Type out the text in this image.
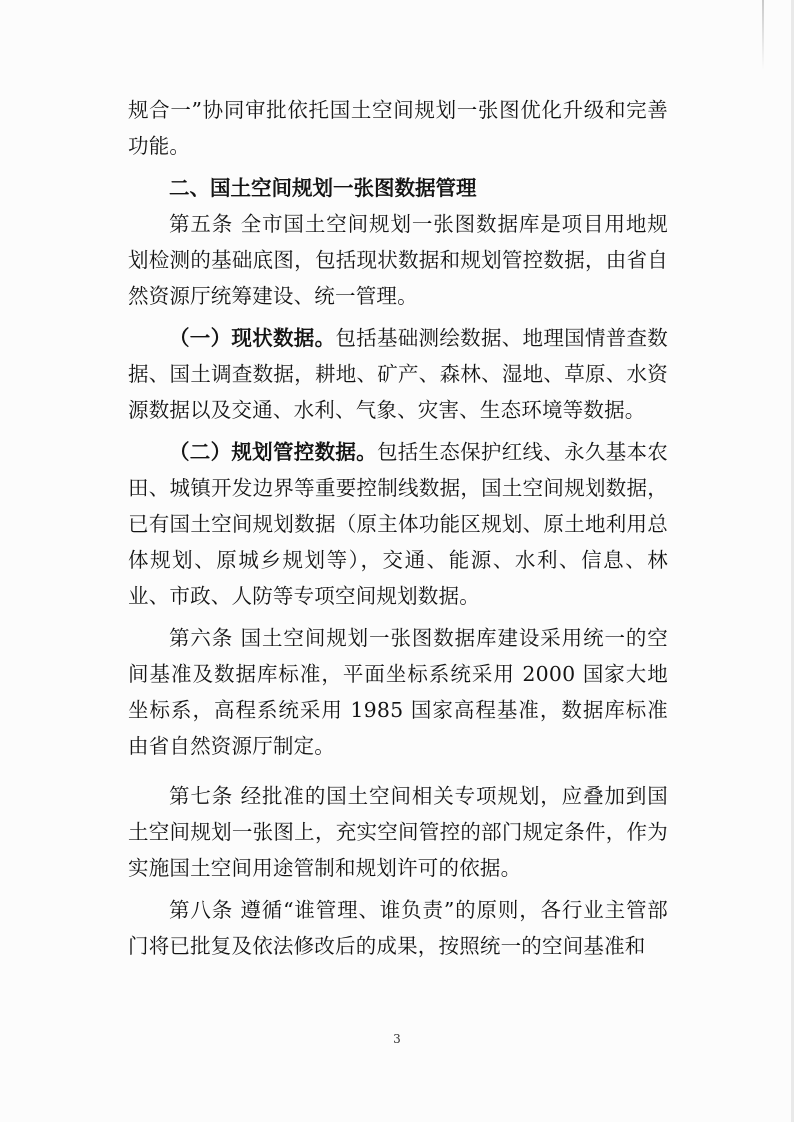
规合一”协同审批依托国土空间规划一张图优化升级和完善功能。

二、国土空间规划一张图数据管理

第五条 全市国土空间规划一张图数据库是项目用地规划检测的基础底图，包括现状数据和规划管控数据，由省自然资源厅统筹建设、统一管理。

（一）现状数据。包括基础测绘数据、地理国情普查数据、国土调查数据，耕地、矿产、森林、湿地、草原、水资源数据以及交通、水利、气象、灾害、生态环境等数据。

（二）规划管控数据。包括生态保护红线、永久基本农田、城镇开发边界等重要控制线数据，国土空间规划数据，已有国土空间规划数据（原主体功能区规划、原土地利用总体规划、原城乡规划等），交通、能源、水利、信息、林业、市政、人防等专项空间规划数据。

第六条 国土空间规划一张图数据库建设采用统一的空间基准及数据库标准，平面坐标系统采用 2000 国家大地坐标系，高程系统采用 1985 国家高程基准，数据库标准由省自然资源厅制定。

第七条 经批准的国土空间相关专项规划，应叠加到国土空间规划一张图上，充实空间管控的部门规定条件，作为实施国土空间用途管制和规划许可的依据。

第八条 遵循“谁管理、谁负责”的原则，各行业主管部门将已批复及依法修改后的成果，按照统一的空间基准和

3
